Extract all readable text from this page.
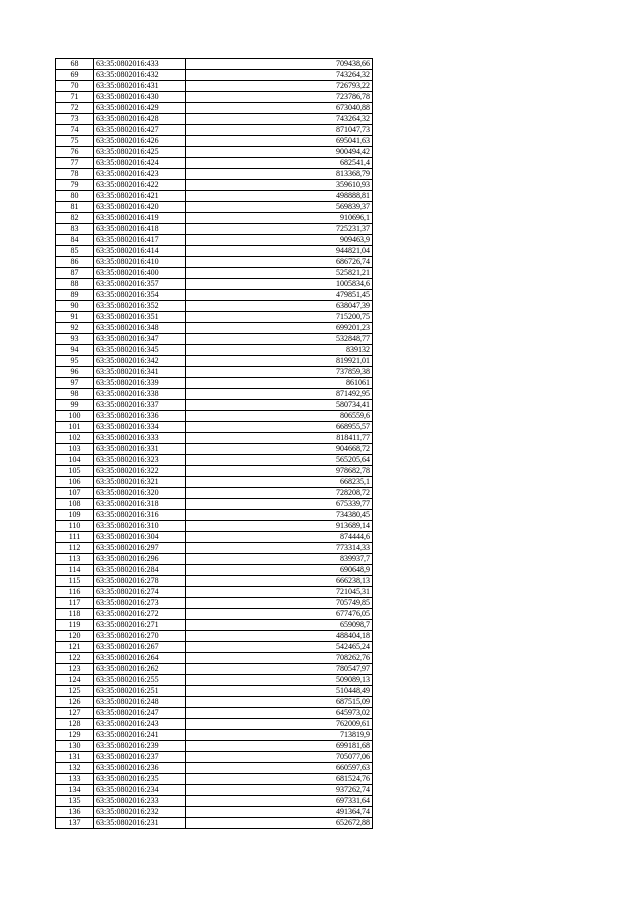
68	63:35:0802016:433	709438,66
69	63:35:0802016:432	743264,32
70	63:35:0802016:431	726793,22
71	63:35:0802016:430	723786,78
72	63:35:0802016:429	673040,88
73	63:35:0802016:428	743264,32
74	63:35:0802016:427	871047,73
75	63:35:0802016:426	695041,63
76	63:35:0802016:425	900494,42
77	63:35:0802016:424	682541,4
78	63:35:0802016:423	813368,79
79	63:35:0802016:422	359610,93
80	63:35:0802016:421	498888,81
81	63:35:0802016:420	569839,37
82	63:35:0802016:419	910696,1
83	63:35:0802016:418	725231,37
84	63:35:0802016:417	909463,9
85	63:35:0802016:414	944821,04
86	63:35:0802016:410	686726,74
87	63:35:0802016:400	525821,21
88	63:35:0802016:357	1005834,6
89	63:35:0802016:354	479851,45
90	63:35:0802016:352	638047,39
91	63:35:0802016:351	715200,75
92	63:35:0802016:348	699201,23
93	63:35:0802016:347	532848,77
94	63:35:0802016:345	839132
95	63:35:0802016:342	819921,01
96	63:35:0802016:341	737859,38
97	63:35:0802016:339	861061
98	63:35:0802016:338	871492,95
99	63:35:0802016:337	580734,41
100	63:35:0802016:336	806559,6
101	63:35:0802016:334	668955,57
102	63:35:0802016:333	818411,77
103	63:35:0802016:331	904668,72
104	63:35:0802016:323	565205,64
105	63:35:0802016:322	978682,78
106	63:35:0802016:321	668235,1
107	63:35:0802016:320	728208,72
108	63:35:0802016:318	675339,77
109	63:35:0802016:316	734380,45
110	63:35:0802016:310	913689,14
111	63:35:0802016:304	874444,6
112	63:35:0802016:297	773314,33
113	63:35:0802016:296	839937,7
114	63:35:0802016:284	690648,9
115	63:35:0802016:278	666238,13
116	63:35:0802016:274	721045,31
117	63:35:0802016:273	705749,85
118	63:35:0802016:272	677476,05
119	63:35:0802016:271	659098,7
120	63:35:0802016:270	488404,18
121	63:35:0802016:267	542465,24
122	63:35:0802016:264	708262,76
123	63:35:0802016:262	780547,97
124	63:35:0802016:255	509089,13
125	63:35:0802016:251	510448,49
126	63:35:0802016:248	687515,09
127	63:35:0802016:247	645973,02
128	63:35:0802016:243	762009,61
129	63:35:0802016:241	713819,9
130	63:35:0802016:239	699181,68
131	63:35:0802016:237	705077,06
132	63:35:0802016:236	660597,63
133	63:35:0802016:235	681524,76
134	63:35:0802016:234	937262,74
135	63:35:0802016:233	697331,64
136	63:35:0802016:232	491364,74
137	63:35:0802016:231	652672,88
